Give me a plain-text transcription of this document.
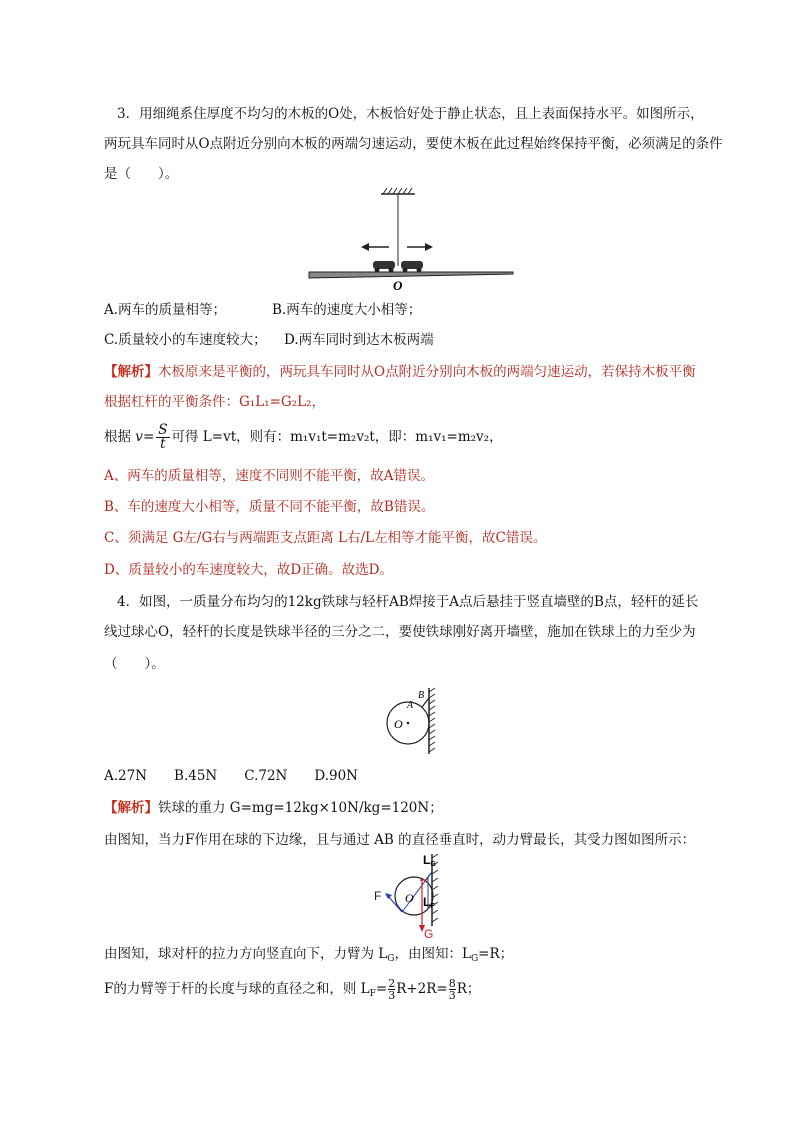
3．用细绳系住厚度不均匀的木板的O处，木板恰好处于静止状态，且上表面保持水平。如图所示，
两玩具车同时从O点附近分别向木板的两端匀速运动，要使木板在此过程始终保持平衡，必须满足的条件
是（　　）。
O
A.两车的质量相等；	B.两车的速度大小相等；
C.质量较小的车速度较大； D.两车同时到达木板两端
【解析】木板原来是平衡的，两玩具车同时从O点附近分别向木板的两端匀速运动，若保持木板平衡
根据杠杆的平衡条件：G₁L₁=G₂L₂，
根据 $v= \frac{S}{t}$ 可得 L=vt，则有：m₁v₁t=m₂v₂t，即：m₁v₁=m₂v₂，
A、两车的质量相等，速度不同则不能平衡，故A错误。
B、车的速度大小相等，质量不同不能平衡，故B错误。
C、须满足 G左/G右与两端距支点距离 L右/L左相等才能平衡，故C错误。
D、质量较小的车速度较大，故D正确。故选D。
4．如图，一质量分布均匀的12kg铁球与轻杆AB焊接于A点后悬挂于竖直墙壁的B点，轻杆的延长
线过球心O，轻杆的长度是铁球半径的三分之二，要使铁球刚好离开墙壁，施加在铁球上的力至少为
（　　）。
O
A
B
A.27N　　B.45N　　C.72N　　D.90N
【解析】铁球的重力 G=mg=12kg×10N/kg=120N；
由图知，当力F作用在球的下边缘，且与通过 AB 的直径垂直时，动力臂最长，其受力图如图所示：
F O
LG
LF
G
由图知，球对杆的拉力方向竖直向下，力臂为 $L_G$，由图知：$L_G=R$；
F的力臂等于杆的长度与球的直径之和，则 $L_F= \frac{2}{3} R+2R= \frac{8}{3}$ R；
